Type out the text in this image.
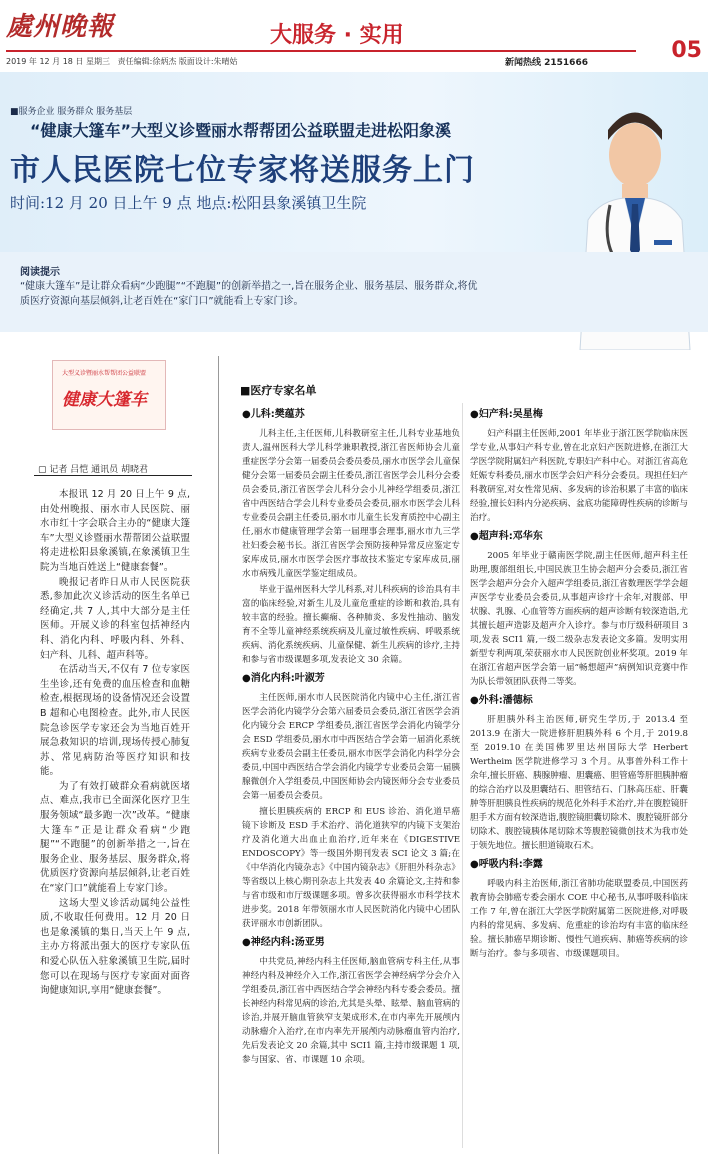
處州晚報	大服务 · 实用
05
2019 年 12 月 18 日 星期三 责任编辑:徐炳杰 版面设计:朱晴姑	新闻热线 2151666
■服务企业 服务群众 服务基层
“健康大篷车”大型义诊暨丽水帮帮团公益联盟走进松阳象溪
市人民医院七位专家将送服务上门
时间:12 月 20 日上午 9 点 地点:松阳县象溪镇卫生院
阅读提示
“健康大篷车”是让群众看病“少跑腿”“不跑腿”的创新举措之一,旨在服务企业、服务基层、服务群众,将优质医疗资源向基层倾斜,让老百姓在“家门口”就能看上专家门诊。
大型义诊暨丽水帮帮团公益联盟
健康大篷车
▢ 记者 吕恺 通讯员 胡晓君

本报讯 12 月 20 日上午 9 点,由处州晚报、丽水市人民医院、丽水市红十字会联合主办的“健康大篷车”大型义诊暨丽水帮帮团公益联盟将走进松阳县象溪镇,在象溪镇卫生院为当地百姓送上“健康套餐”。

晚报记者昨日从市人民医院获悉,参加此次义诊活动的医生名单已经确定,共 7 人,其中大部分是主任医师。开展义诊的科室包括神经内科、消化内科、呼吸内科、外科、妇产科、儿科、超声科等。

在活动当天,不仅有 7 位专家医生坐诊,还有免费的血压检查和血糖检查,根据现场的设备情况还会设置 B 超和心电图检查。此外,市人民医院急诊医学专家还会为当地百姓开展急救知识的培训,现场传授心肺复苏、常见病防治等医疗知识和技能。

为了有效打破群众看病就医堵点、难点,我市已全面深化医疗卫生服务领域“最多跑一次”改革。“健康大篷车”正是让群众看病“少跑腿”“不跑腿”的创新举措之一,旨在服务企业、服务基层、服务群众,将优质医疗资源向基层倾斜,让老百姓在“家门口”就能看上专家门诊。

这场大型义诊活动属纯公益性质,不收取任何费用。12 月 20 日也是象溪镇的集日,当天上午 9 点,主办方将派出强大的医疗专家队伍和爱心队伍入驻象溪镇卫生院,届时您可以在现场与医疗专家面对面咨询健康知识,享用“健康套餐”。

■医疗专家名单
●儿科:樊蕴苏

儿科主任,主任医师,儿科教研室主任,儿科专业基地负责人,温州医科大学儿科学兼职教授,浙江省医师协会儿童重症医学分会第一届委员会委员委员,丽水市医学会儿童保健分会第一届委员会副主任委员,浙江省医学会儿科分会委员会委员,浙江省医学会儿科分会小儿神经学组委员,浙江省中西医结合学会儿科专业委员会委员,丽水市医学会儿科专业委员会副主任委员,丽水市儿童生长发育质控中心副主任,丽水市健康管理学会第一届理事会理事,丽水市九三学社妇委会秘书长。浙江省医学会预防接种异常反应鉴定专家库成员,丽水市医学会医疗事故技术鉴定专家库成员,丽水市病残儿童医学鉴定组成员。

毕业于温州医科大学儿科系,对儿科疾病的诊治具有丰富的临床经验,对新生儿及儿童危重症的诊断和救治,具有较丰富的经验。擅长癫痫、各种肺炎、多发性抽动、脑发育不全等儿童神经系统疾病及儿童过敏性疾病、呼吸系统疾病、消化系统疾病、儿童保健、新生儿疾病的诊疗,主持和参与省市级课题多项,发表论文 30 余篇。

●消化内科:叶淑芳

主任医师,丽水市人民医院消化内镜中心主任,浙江省医学会消化内镜学分会第六届委员会委员,浙江省医学会消化内镜分会 ERCP 学组委员,浙江省医学会消化内镜学分会 ESD 学组委员,丽水市中西医结合学会第一届消化系统疾病专业委员会副主任委员,丽水市医学会消化内科学分会委员,中国中西医结合学会消化内镜学专业委员会第一届胰腺微创介入学组委员,中国医师协会内镜医师分会专业委员会第一届委员会委员。

擅长胆胰疾病的 ERCP 和 EUS 诊治、消化道早癌镜下诊断及 ESD 手术治疗、消化道狭窄的内镜下支架治疗及消化道大出血止血治疗,近年来在《DIGESTIVE ENDOSCOPY》等一级国外期刊发表 SCI 论文 3 篇;在《中华消化内镜杂志》《中国内镜杂志》《肝胆外科杂志》等省级以上核心期刊杂志上共发表 40 余篇论文,主持和参与省市级和市厅级课题多项。曾多次获得丽水市科学技术进步奖。2018 年带领丽水市人民医院消化内镜中心团队获评丽水市创新团队。

●神经内科:汤亚男

中共党员,神经内科主任医师,脑血管病专科主任,从事神经内科及神经介入工作,浙江省医学会神经病学分会介入学组委员,浙江省中西医结合学会神经内科专委会委员。擅长神经内科常见病的诊治,尤其是头晕、眩晕、脑血管病的诊治,并展开脑血管狭窄支架成形术,在市内率先开展颅内动脉瘤介入治疗,在市内率先开展颅内动脉瘤血管内治疗,先后发表论文 20 余篇,其中 SCI1 篇,主持市级课题 1 项,参与国家、省、市课题 10 余项。

●妇产科:吴星梅

妇产科副主任医师,2001 年毕业于浙江医学院临床医学专业,从事妇产科专业,曾在北京妇产医院进修,在浙江大学医学院附属妇产科医院,专职妇产科中心。对浙江省高危妊娠专科委员,丽水市医学会妇产科分会委员。现担任妇产科教研室,对女性常见病、多发病的诊治积累了丰富的临床经验,擅长妇科内分泌疾病、盆底功能障碍性疾病的诊断与治疗。

●超声科:邓华东

2005 年毕业于赣南医学院,副主任医师,超声科主任助理,腹部组组长,中国民族卫生协会超声分会委员,浙江省医学会超声分会介入超声学组委员,浙江省数理医学学会超声医学专业委员会委员,从事超声诊疗十余年,对腹部、甲状腺、乳腺、心血管等方面疾病的超声诊断有较深造诣,尤其擅长超声造影及超声介入诊疗。参与市厅级科研项目 3 项,发表 SCI1 篇,一级二级杂志发表论文多篇。发明实用新型专利两项,荣获丽水市人民医院创业杯奖项。2019 年在浙江省超声医学会第一届“畅想超声”病例知识竞赛中作为队长带领团队获得二等奖。

●外科:潘德标

肝胆胰外科主治医师,研究生学历,于 2013.4 至 2013.9 在浙大一院进修肝胆胰外科 6 个月,于 2019.8 至 2019.10 在美国佛罗里达州国际大学 Herbert Wertheim 医学院进修学习 3 个月。从事普外科工作十余年,擅长肝癌、胰腺肿瘤、胆囊癌、胆管癌等肝胆胰肿瘤的综合治疗以及胆囊结石、胆管结石、门脉高压症、肝囊肿等肝胆胰良性疾病的规范化外科手术治疗,并在腹腔镜肝胆手术方面有较深造诣,腹腔镜胆囊切除术、腹腔镜肝部分切除术、腹腔镜胰体尾切除术等腹腔镜微创技术为我市处于领先地位。擅长胆道镜取石术。

●呼吸内科:李露

呼吸内科主治医师,浙江省肺功能联盟委员,中国医药教育协会肺癌专委会丽水 COE 中心秘书,从事呼吸科临床工作 7 年,曾在浙江大学医学院附属第二医院进修,对呼吸内科的常见病、多发病、危重症的诊治均有丰富的临床经验。擅长肺癌早期诊断、慢性气道疾病、肺癌等疾病的诊断与治疗。参与多项省、市级课题项目。
